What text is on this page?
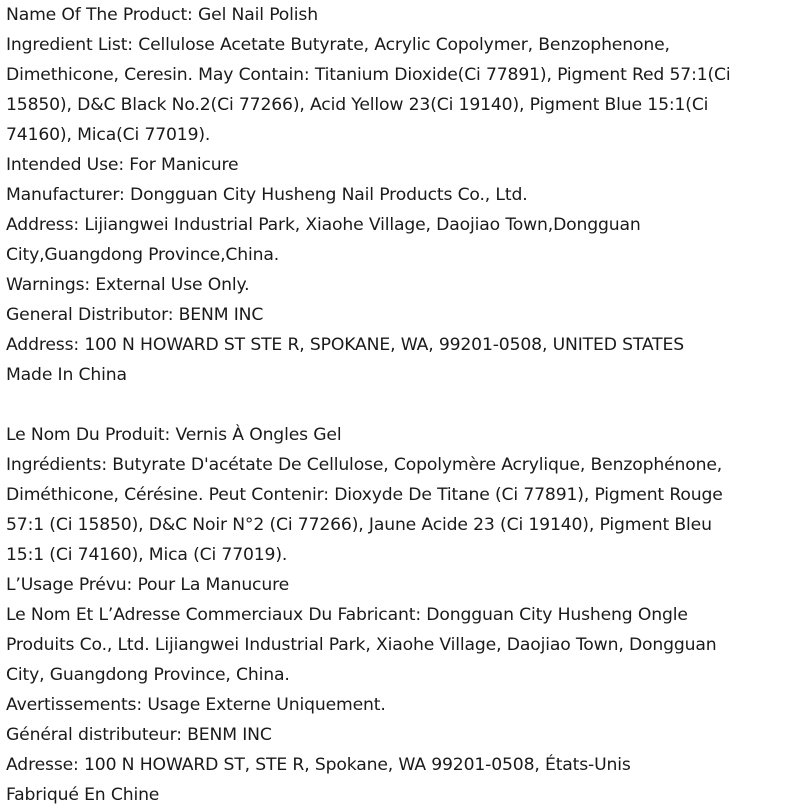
Name Of The Product: Gel Nail Polish
Ingredient List: Cellulose Acetate Butyrate, Acrylic Copolymer, Benzophenone,
Dimethicone, Ceresin. May Contain: Titanium Dioxide(Ci 77891), Pigment Red 57:1(Ci
15850), D&C Black No.2(Ci 77266), Acid Yellow 23(Ci 19140), Pigment Blue 15:1(Ci
74160), Mica(Ci 77019).
Intended Use: For Manicure
Manufacturer: Dongguan City Husheng Nail Products Co., Ltd.
Address: Lijiangwei Industrial Park, Xiaohe Village, Daojiao Town,Dongguan
City,Guangdong Province,China.
Warnings: External Use Only.
General Distributor: BENM INC
Address: 100 N HOWARD ST STE R, SPOKANE, WA, 99201-0508, UNITED STATES
Made In China
Le Nom Du Produit: Vernis À Ongles Gel
Ingrédients: Butyrate D'acétate De Cellulose, Copolymère Acrylique, Benzophénone,
Diméthicone, Cérésine. Peut Contenir: Dioxyde De Titane (Ci 77891), Pigment Rouge
57:1 (Ci 15850), D&C Noir N°2 (Ci 77266), Jaune Acide 23 (Ci 19140), Pigment Bleu
15:1 (Ci 74160), Mica (Ci 77019).
L’Usage Prévu: Pour La Manucure
Le Nom Et L’Adresse Commerciaux Du Fabricant: Dongguan City Husheng Ongle
Produits Co., Ltd. Lijiangwei Industrial Park, Xiaohe Village, Daojiao Town, Dongguan
City, Guangdong Province, China.
Avertissements: Usage Externe Uniquement.
Général distributeur: BENM INC
Adresse: 100 N HOWARD ST, STE R, Spokane, WA 99201-0508, États-Unis
Fabriqué En Chine
